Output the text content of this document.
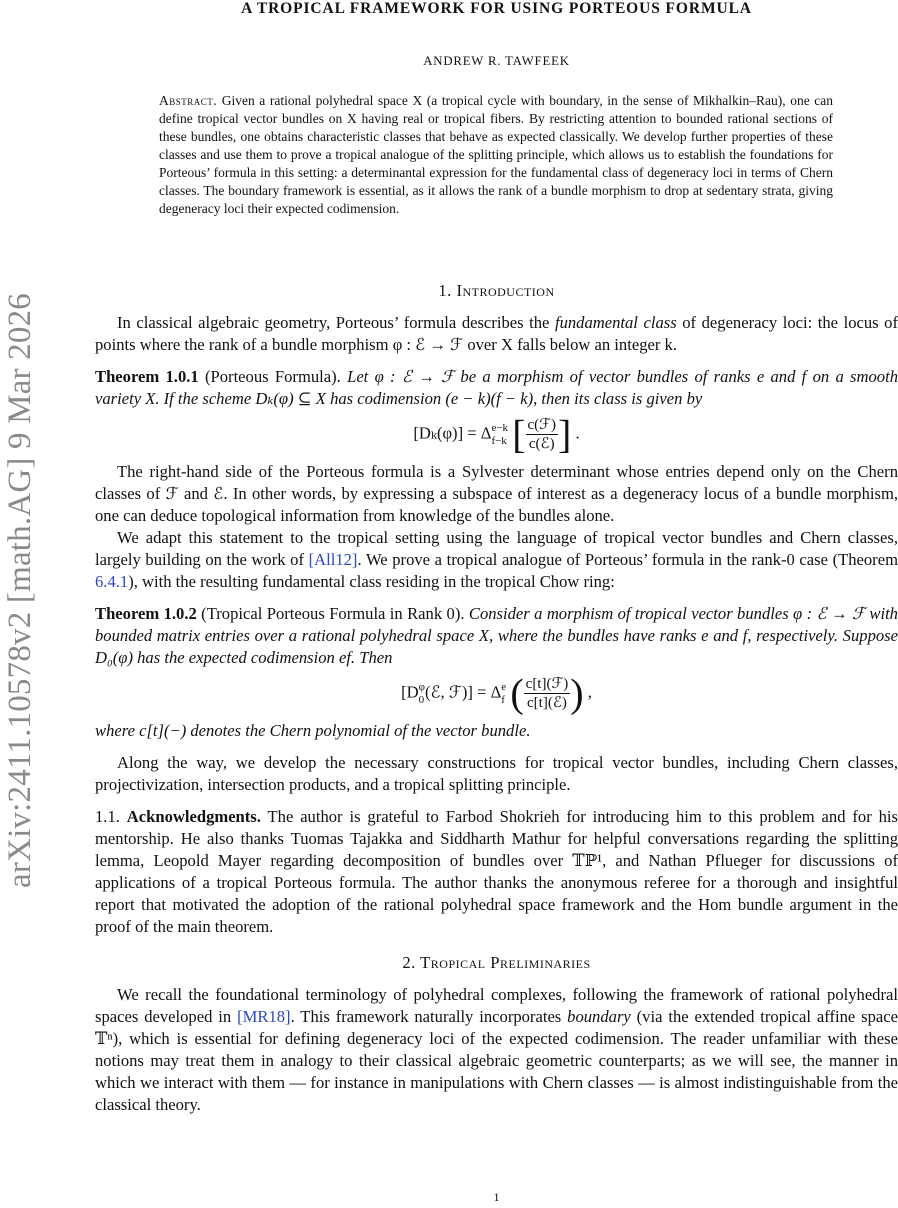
arXiv:2411.10578v2 [math.AG] 9 Mar 2026
A TROPICAL FRAMEWORK FOR USING PORTEOUS FORMULA
ANDREW R. TAWFEEK
Abstract. Given a rational polyhedral space X (a tropical cycle with boundary, in the sense of Mikhalkin–Rau), one can define tropical vector bundles on X having real or tropical fibers. By restricting attention to bounded rational sections of these bundles, one obtains characteristic classes that behave as expected classically. We develop further properties of these classes and use them to prove a tropical analogue of the splitting principle, which allows us to establish the foundations for Porteous’ formula in this setting: a determinantal expression for the fundamental class of degeneracy loci in terms of Chern classes. The boundary framework is essential, as it allows the rank of a bundle morphism to drop at sedentary strata, giving degeneracy loci their expected codimension.
1. Introduction

In classical algebraic geometry, Porteous’ formula describes the fundamental class of degeneracy loci: the locus of points where the rank of a bundle morphism φ : ℰ → ℱ over X falls below an integer k.

Theorem 1.0.1 (Porteous Formula). Let φ : ℰ → ℱ be a morphism of vector bundles of ranks e and f on a smooth variety X. If the scheme Dₖ(φ) ⊆ X has codimension (e − k)(f − k), then its class is given by

[Dₖ(φ)] = Δ e−k
f−k [ $\frac{\text{c(ℱ)}}{\text{c(ℰ)}}$ ] .

The right-hand side of the Porteous formula is a Sylvester determinant whose entries depend only on the Chern classes of ℱ and ℰ. In other words, by expressing a subspace of interest as a degeneracy locus of a bundle morphism, one can deduce topological information from knowledge of the bundles alone.

We adapt this statement to the tropical setting using the language of tropical vector bundles and Chern classes, largely building on the work of [All12]. We prove a tropical analogue of Porteous’ formula in the rank-0 case (Theorem 6.4.1), with the resulting fundamental class residing in the tropical Chow ring:

Theorem 1.0.2 (Tropical Porteous Formula in Rank 0). Consider a morphism of tropical vector bundles φ : ℰ → ℱ with bounded matrix entries over a rational polyhedral space X, where the bundles have ranks e and f, respectively. Suppose D₀(φ) has the expected codimension ef. Then

[D φ
0 (ℰ, ℱ)] = Δ e
f ( $\frac{\text{c[t](ℱ)}}{\text{c[t](ℰ)}}$ ) ,

where c[t](−) denotes the Chern polynomial of the vector bundle.

Along the way, we develop the necessary constructions for tropical vector bundles, including Chern classes, projectivization, intersection products, and a tropical splitting principle.

1.1. Acknowledgments. The author is grateful to Farbod Shokrieh for introducing him to this problem and for his mentorship. He also thanks Tuomas Tajakka and Siddharth Mathur for helpful conversations regarding the splitting lemma, Leopold Mayer regarding decomposition of bundles over 𝕋ℙ¹, and Nathan Pflueger for discussions of applications of a tropical Porteous formula. The author thanks the anonymous referee for a thorough and insightful report that motivated the adoption of the rational polyhedral space framework and the Hom bundle argument in the proof of the main theorem.

2. Tropical Preliminaries

We recall the foundational terminology of polyhedral complexes, following the framework of rational polyhedral spaces developed in [MR18]. This framework naturally incorporates boundary (via the extended tropical affine space 𝕋ⁿ), which is essential for defining degeneracy loci of the expected codimension. The reader unfamiliar with these notions may treat them in analogy to their classical algebraic geometric counterparts; as we will see, the manner in which we interact with them — for instance in manipulations with Chern classes — is almost indistinguishable from the classical theory.

1
